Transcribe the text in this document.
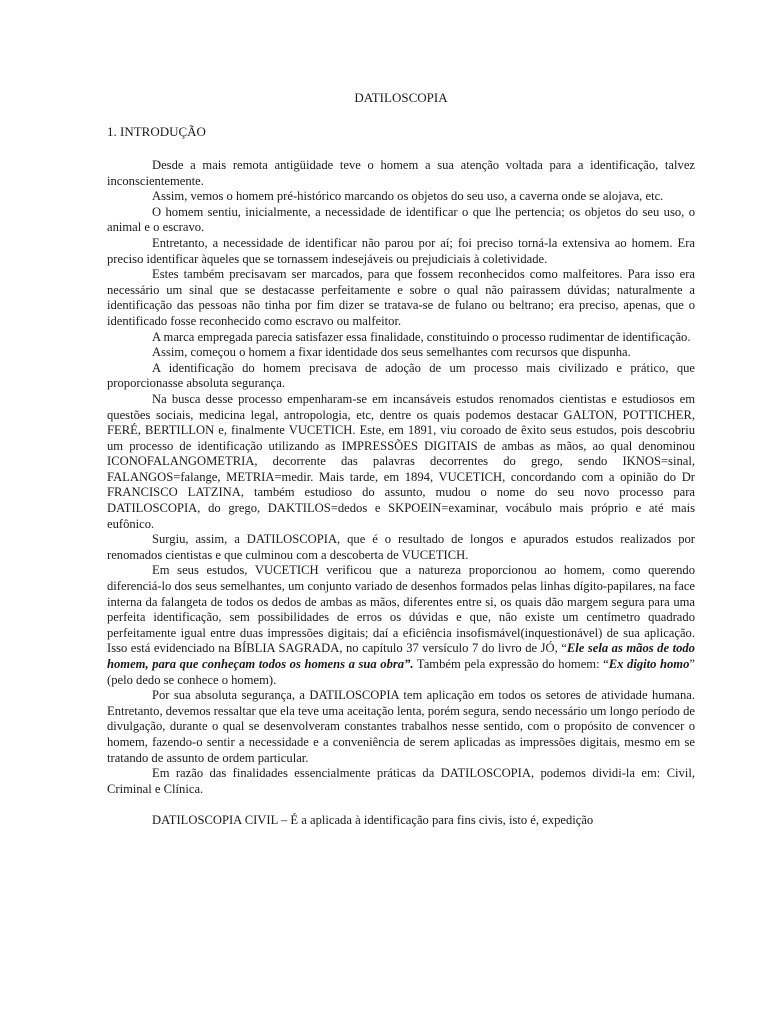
DATILOSCOPIA
1. INTRODUÇÃO

Desde a mais remota antigüidade teve o homem a sua atenção voltada para a identificação, talvez inconscientemente.

Assim, vemos o homem pré-histórico marcando os objetos do seu uso, a caverna onde se alojava, etc.

O homem sentiu, inicialmente, a necessidade de identificar o que lhe pertencia; os objetos do seu uso, o animal e o escravo.

Entretanto, a necessidade de identificar não parou por aí; foi preciso torná-la extensiva ao homem. Era preciso identificar àqueles que se tornassem indesejáveis ou prejudiciais à coletividade.

Estes também precisavam ser marcados, para que fossem reconhecidos como malfeitores. Para isso era necessário um sinal que se destacasse perfeitamente e sobre o qual não pairassem dúvidas; naturalmente a identificação das pessoas não tinha por fim dizer se tratava-se de fulano ou beltrano; era preciso, apenas, que o identificado fosse reconhecido como escravo ou malfeitor.

A marca empregada parecia satisfazer essa finalidade, constituindo o processo rudimentar de identificação.

Assim, começou o homem a fixar identidade dos seus semelhantes com recursos que dispunha.

A identificação do homem precisava de adoção de um processo mais civilizado e prático, que proporcionasse absoluta segurança.

Na busca desse processo empenharam-se em incansáveis estudos renomados cientistas e estudiosos em questões sociais, medicina legal, antropologia, etc, dentre os quais podemos destacar GALTON, POTTICHER, FERÉ, BERTILLON e, finalmente VUCETICH. Este, em 1891, viu coroado de êxito seus estudos, pois descobriu um processo de identificação utilizando as IMPRESSÕES DIGITAIS de ambas as mãos, ao qual denominou ICONOFALANGOMETRIA, decorrente das palavras decorrentes do grego, sendo IKNOS=sinal, FALANGOS=falange, METRIA=medir. Mais tarde, em 1894, VUCETICH, concordando com a opinião do Dr FRANCISCO LATZINA, também estudioso do assunto, mudou o nome do seu novo processo para DATILOSCOPIA, do grego, DAKTILOS=dedos e SKPOEIN=examinar, vocábulo mais próprio e até mais eufônico.

Surgiu, assim, a DATILOSCOPIA, que é o resultado de longos e apurados estudos realizados por renomados cientistas e que culminou com a descoberta de VUCETICH.

Em seus estudos, VUCETICH verificou que a natureza proporcionou ao homem, como querendo diferenciá-lo dos seus semelhantes, um conjunto variado de desenhos formados pelas linhas dígito-papilares, na face interna da falangeta de todos os dedos de ambas as mãos, diferentes entre si, os quais dão margem segura para uma perfeita identificação, sem possibilidades de erros os dúvidas e que, não existe um centímetro quadrado perfeitamente igual entre duas impressões digitais; daí a eficiência insofismável(inquestionável) de sua aplicação. Isso está evidenciado na BÍBLIA SAGRADA, no capítulo 37 versículo 7 do livro de JÓ, “Ele sela as mãos de todo homem, para que conheçam todos os homens a sua obra”. Também pela expressão do homem: “Ex digito homo” (pelo dedo se conhece o homem).

Por sua absoluta segurança, a DATILOSCOPIA tem aplicação em todos os setores de atividade humana. Entretanto, devemos ressaltar que ela teve uma aceitação lenta, porém segura, sendo necessário um longo período de divulgação, durante o qual se desenvolveram constantes trabalhos nesse sentido, com o propósito de convencer o homem, fazendo-o sentir a necessidade e a conveniência de serem aplicadas as impressões digitais, mesmo em se tratando de assunto de ordem particular.

Em razão das finalidades essencialmente práticas da DATILOSCOPIA, podemos dividi-la em: Civil, Criminal e Clínica.

DATILOSCOPIA CIVIL – É a aplicada à identificação para fins civis, isto é, expedição
